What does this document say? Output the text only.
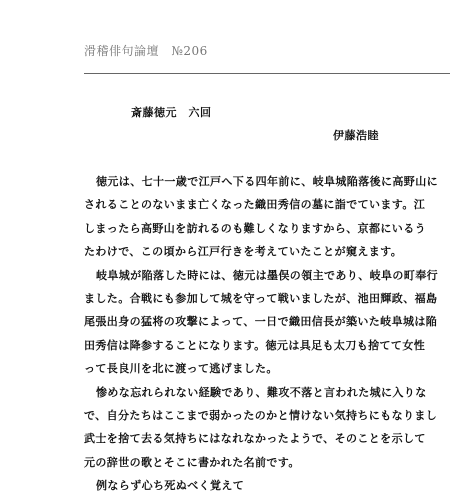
滑稽俳句論壇　№206
斎藤徳元　六回
伊藤浩睦
徳元は、七十一歳で江戸へ下る四年前に、岐阜城陥落後に高野山に
されることのないまま亡くなった織田秀信の墓に詣でています。江
しまったら高野山を訪れるのも難しくなりますから、京都にいるう
たわけで、この頃から江戸行きを考えていたことが窺えます。
岐阜城が陥落した時には、徳元は墨俣の領主であり、岐阜の町奉行
ました。合戦にも参加して城を守って戦いましたが、池田輝政、福島
尾張出身の猛将の攻撃によって、一日で織田信長が築いた岐阜城は陥
田秀信は降参することになります。徳元は具足も太刀も捨てて女性
って長良川を北に渡って逃げました。
惨めな忘れられない経験であり、難攻不落と言われた城に入りな
で、自分たちはここまで弱かったのかと情けない気持ちにもなりまし
武士を捨て去る気持ちにはなれなかったようで、そのことを示して
元の辞世の歌とそこに書かれた名前です。
例ならず心ち死ぬべく覚えて
